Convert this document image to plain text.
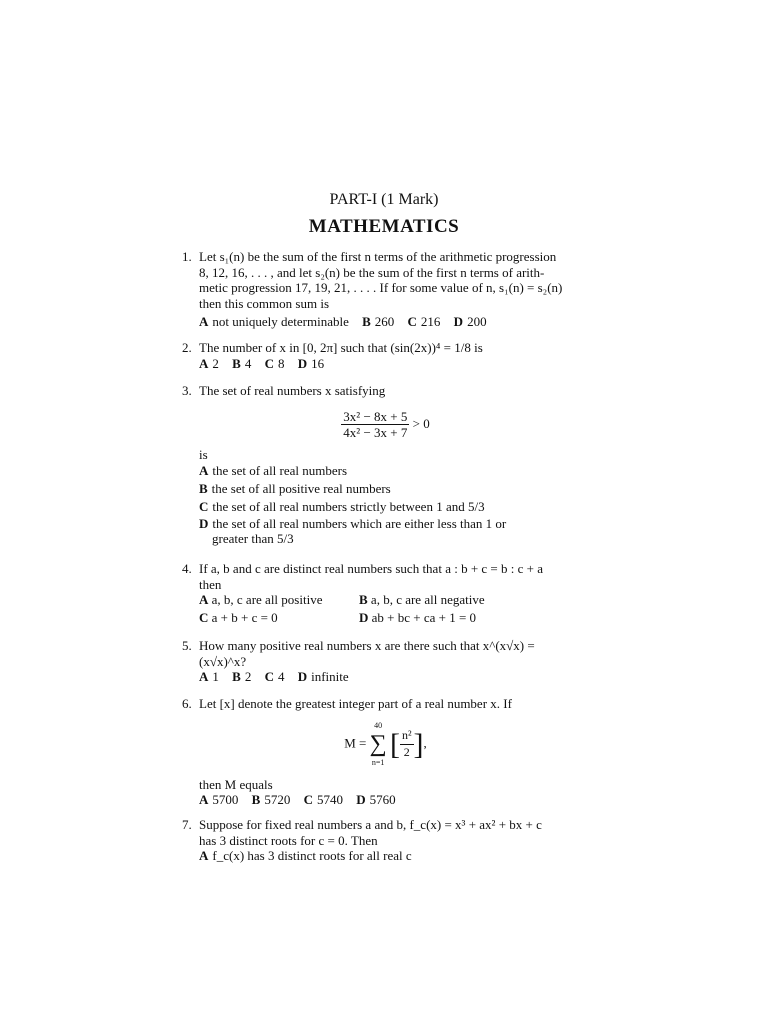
PART-I (1 Mark)
MATHEMATICS
1. Let s₁(n) be the sum of the first n terms of the arithmetic progression
8, 12, 16, . . . , and let s₂(n) be the sum of the first n terms of arith-
metic progression 17, 19, 21, . . . . If for some value of n, s₁(n) = s₂(n)
then this common sum is
A not uniquely determinable B 260 C 216 D 200
2. The number of x in [0, 2π] such that (sin(2x))⁴ = 1/8 is
A 2 B 4 C 8 D 16
3. The set of real numbers x satisfying
$\frac{\text{3x² − 8x + 5}}{\text{4x² − 3x + 7}} > 0$
is
A the set of all real numbers
B the set of all positive real numbers
C the set of all real numbers strictly between 1 and 5/3
D the set of all real numbers which are either less than 1 or
greater than 5/3
4. If a, b and c are distinct real numbers such that a : b + c = b : c + a
then
A a, b, c are all positive	B a, b, c are all negative
C a + b + c = 0	D ab + bc + ca + 1 = 0
5. How many positive real numbers x are there such that x^(x√x) =
(x√x)^x?
A 1 B 2 C 4 D infinite
6. Let [x] denote the greatest integer part of a real number x. If
M = 40
∑
n=1 [ $\frac{\text{n²}}{2}$ ],
then M equals
A 5700 B 5720 C 5740 D 5760
7. Suppose for fixed real numbers a and b, f_c(x) = x³ + ax² + bx + c
has 3 distinct roots for c = 0. Then
A f_c(x) has 3 distinct roots for all real c
